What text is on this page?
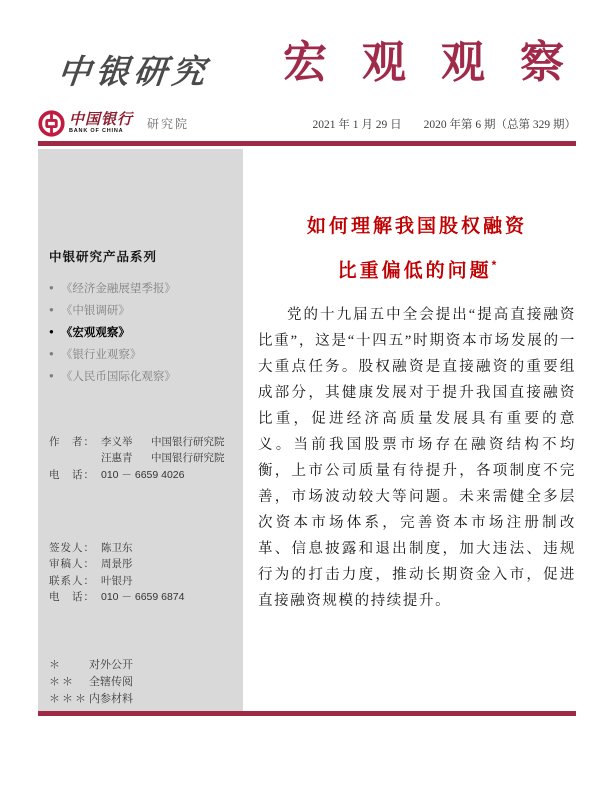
中银研究 宏 观 观 察
中国银行
BANK OF CHINA
研究院	2021 年 1 月 29 日 2020 年第 6 期（总第 329 期）
中银研究产品系列
● 《经济金融展望季报》
● 《中银调研》
● 《宏观观察》
● 《银行业观察》
● 《人民币国际化观察》
作　者： 李义举	中国银行研究院
汪惠青	中国银行研究院
电　话： 010 － 6659 4026
签发人： 陈卫东
审稿人： 周景彤
联系人： 叶银丹
电　话： 010 － 6659 6874
＊	对外公开
＊＊	全辖传阅
＊＊＊ 内参材料
如何理解我国股权融资
比重偏低的问题*

党的十九届五中全会提出“提高直接融资比重”，这是“十四五”时期资本市场发展的一大重点任务。股权融资是直接融资的重要组成部分，其健康发展对于提升我国直接融资比重，促进经济高质量发展具有重要的意义。当前我国股票市场存在融资结构不均衡，上市公司质量有待提升，各项制度不完善，市场波动较大等问题。未来需健全多层次资本市场体系，完善资本市场注册制改革、信息披露和退出制度，加大违法、违规行为的打击力度，推动长期资金入市，促进直接融资规模的持续提升。
